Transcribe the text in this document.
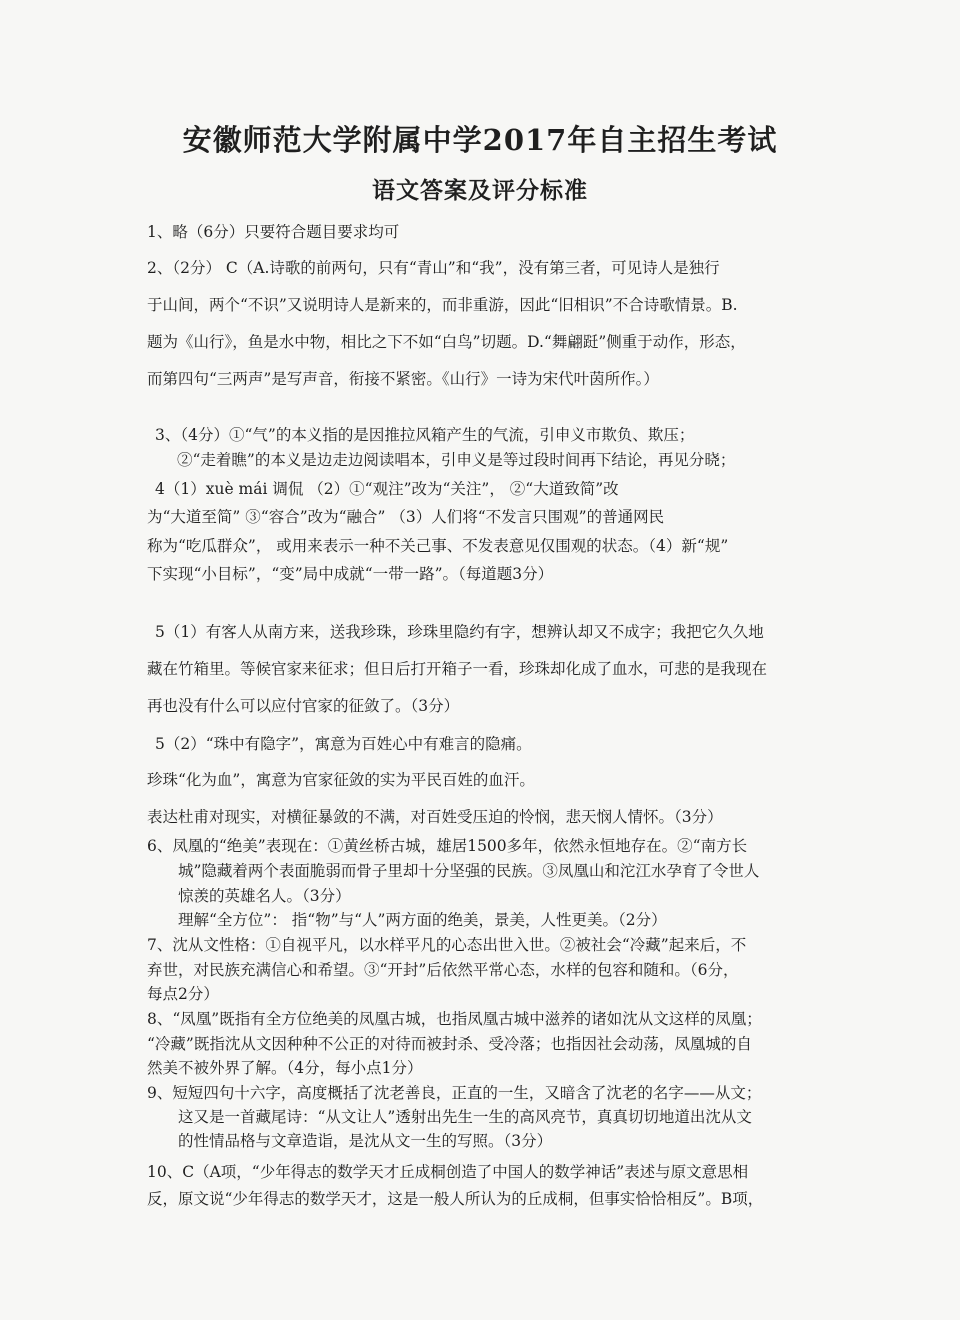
安徽师范大学附属中学2017年自主招生考试
语文答案及评分标准
1、略（6分）只要符合题目要求均可
2、（2分） C（A.诗歌的前两句，只有“青山”和“我”，没有第三者，可见诗人是独行
于山间，两个“不识”又说明诗人是新来的，而非重游，因此“旧相识”不合诗歌情景。B.
题为《山行》，鱼是水中物，相比之下不如“白鸟”切题。D.“舞翩跹”侧重于动作，形态，
而第四句“三两声”是写声音，衔接不紧密。《山行》一诗为宋代叶茵所作。）
3、（4分）①“气”的本义指的是因推拉风箱产生的气流，引申义市欺负、欺压；
②“走着瞧”的本义是边走边阅读唱本，引申义是等过段时间再下结论，再见分晓；
4（1）xuè mái 调侃 （2）①“观注”改为“关注”， ②“大道致简”改
为“大道至简” ③“容合”改为“融合” （3）人们将“不发言只围观”的普通网民
称为“吃瓜群众”， 或用来表示一种不关己事、不发表意见仅围观的状态。（4）新“规”
下实现“小目标”，“变”局中成就“一带一路”。（每道题3分）
5（1）有客人从南方来，送我珍珠，珍珠里隐约有字，想辨认却又不成字；我把它久久地
藏在竹箱里。等候官家来征求；但日后打开箱子一看，珍珠却化成了血水，可悲的是我现在
再也没有什么可以应付官家的征敛了。（3分）
5（2）“珠中有隐字”，寓意为百姓心中有难言的隐痛。
珍珠“化为血”，寓意为官家征敛的实为平民百姓的血汗。
表达杜甫对现实，对横征暴敛的不满，对百姓受压迫的怜悯，悲天悯人情怀。（3分）
6、凤凰的“绝美”表现在：①黄丝桥古城，雄居1500多年，依然永恒地存在。②“南方长
城”隐藏着两个表面脆弱而骨子里却十分坚强的民族。③凤凰山和沱江水孕育了令世人
惊羡的英雄名人。（3分）
理解“全方位”： 指“物”与“人”两方面的绝美，景美，人性更美。（2分）
7、沈从文性格：①自视平凡，以水样平凡的心态出世入世。②被社会“冷藏”起来后，不
弃世，对民族充满信心和希望。③“开封”后依然平常心态，水样的包容和随和。（6分，
每点2分）
8、“凤凰”既指有全方位绝美的凤凰古城，也指凤凰古城中滋养的诸如沈从文这样的凤凰；
“冷藏”既指沈从文因种种不公正的对待而被封杀、受冷落；也指因社会动荡，凤凰城的自
然美不被外界了解。（4分，每小点1分）
9、短短四句十六字，高度概括了沈老善良，正直的一生，又暗含了沈老的名字——从文；
这又是一首藏尾诗：“从文让人”透射出先生一生的高风亮节，真真切切地道出沈从文
的性情品格与文章造诣，是沈从文一生的写照。（3分）
10、C（A项，“少年得志的数学天才丘成桐创造了中国人的数学神话”表述与原文意思相
反，原文说“少年得志的数学天才，这是一般人所认为的丘成桐，但事实恰恰相反”。B项，
